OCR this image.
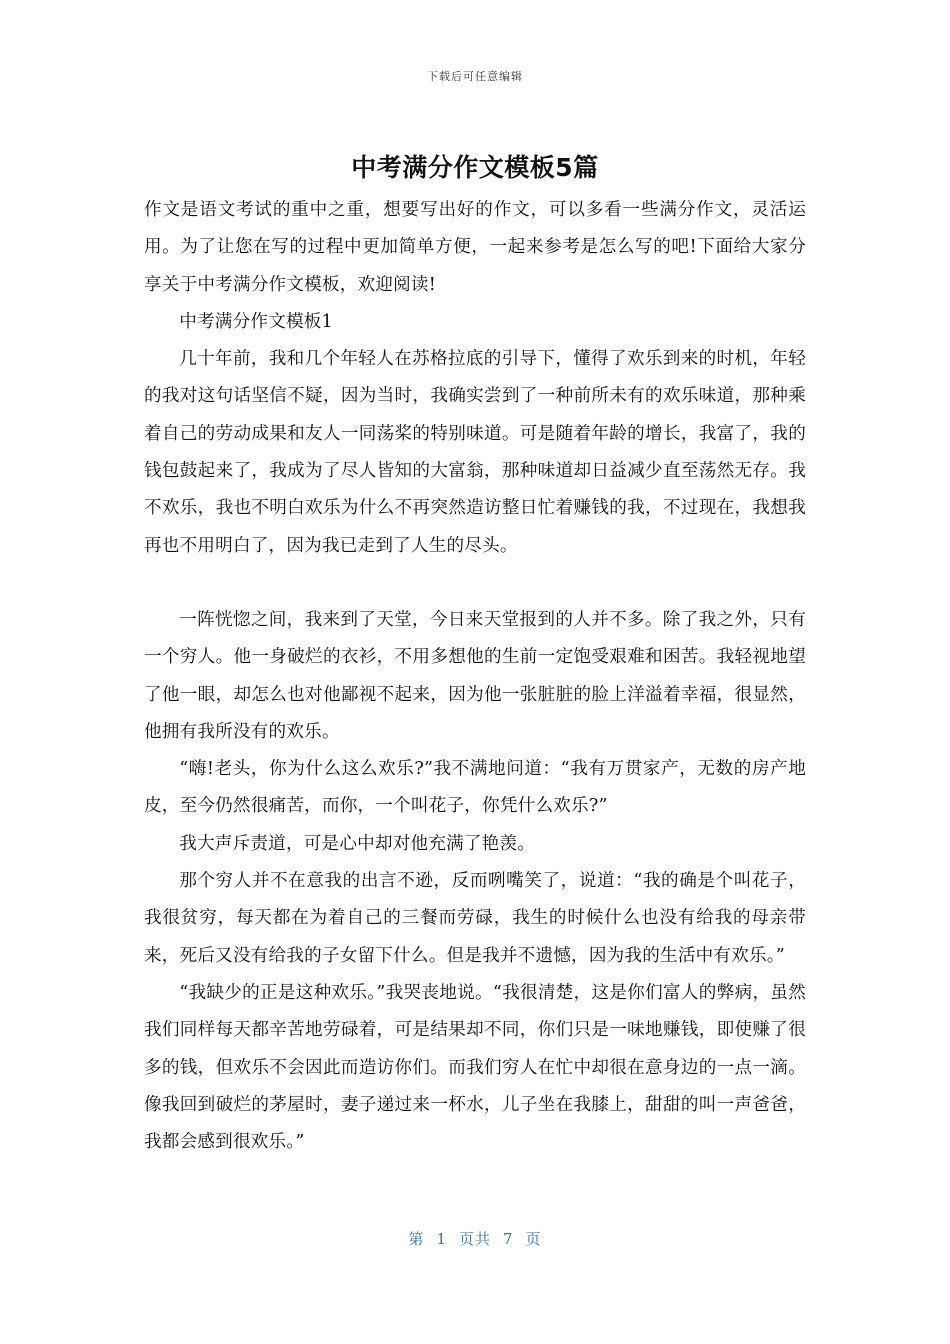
下载后可任意编辑
中考满分作文模板5篇

作文是语文考试的重中之重，想要写出好的作文，可以多看一些满分作文，灵活运用。为了让您在写的过程中更加简单方便，一起来参考是怎么写的吧!下面给大家分享关于中考满分作文模板，欢迎阅读!

中考满分作文模板1

几十年前，我和几个年轻人在苏格拉底的引导下，懂得了欢乐到来的时机，年轻的我对这句话坚信不疑，因为当时，我确实尝到了一种前所未有的欢乐味道，那种乘着自己的劳动成果和友人一同荡桨的特别味道。可是随着年龄的增长，我富了，我的钱包鼓起来了，我成为了尽人皆知的大富翁，那种味道却日益减少直至荡然无存。我不欢乐，我也不明白欢乐为什么不再突然造访整日忙着赚钱的我，不过现在，我想我再也不用明白了，因为我已走到了人生的尽头。

一阵恍惚之间，我来到了天堂，今日来天堂报到的人并不多。除了我之外，只有一个穷人。他一身破烂的衣衫，不用多想他的生前一定饱受艰难和困苦。我轻视地望了他一眼，却怎么也对他鄙视不起来，因为他一张脏脏的脸上洋溢着幸福，很显然，他拥有我所没有的欢乐。

“嗨!老头，你为什么这么欢乐?”我不满地问道：“我有万贯家产，无数的房产地皮，至今仍然很痛苦，而你，一个叫花子，你凭什么欢乐?”

我大声斥责道，可是心中却对他充满了艳羡。

那个穷人并不在意我的出言不逊，反而咧嘴笑了，说道：“我的确是个叫花子，我很贫穷，每天都在为着自己的三餐而劳碌，我生的时候什么也没有给我的母亲带来，死后又没有给我的子女留下什么。但是我并不遗憾，因为我的生活中有欢乐。”

“我缺少的正是这种欢乐。”我哭丧地说。“我很清楚，这是你们富人的弊病，虽然我们同样每天都辛苦地劳碌着，可是结果却不同，你们只是一味地赚钱，即使赚了很多的钱，但欢乐不会因此而造访你们。而我们穷人在忙中却很在意身边的一点一滴。像我回到破烂的茅屋时，妻子递过来一杯水，儿子坐在我膝上，甜甜的叫一声爸爸，我都会感到很欢乐。”

第 1 页共 7 页
